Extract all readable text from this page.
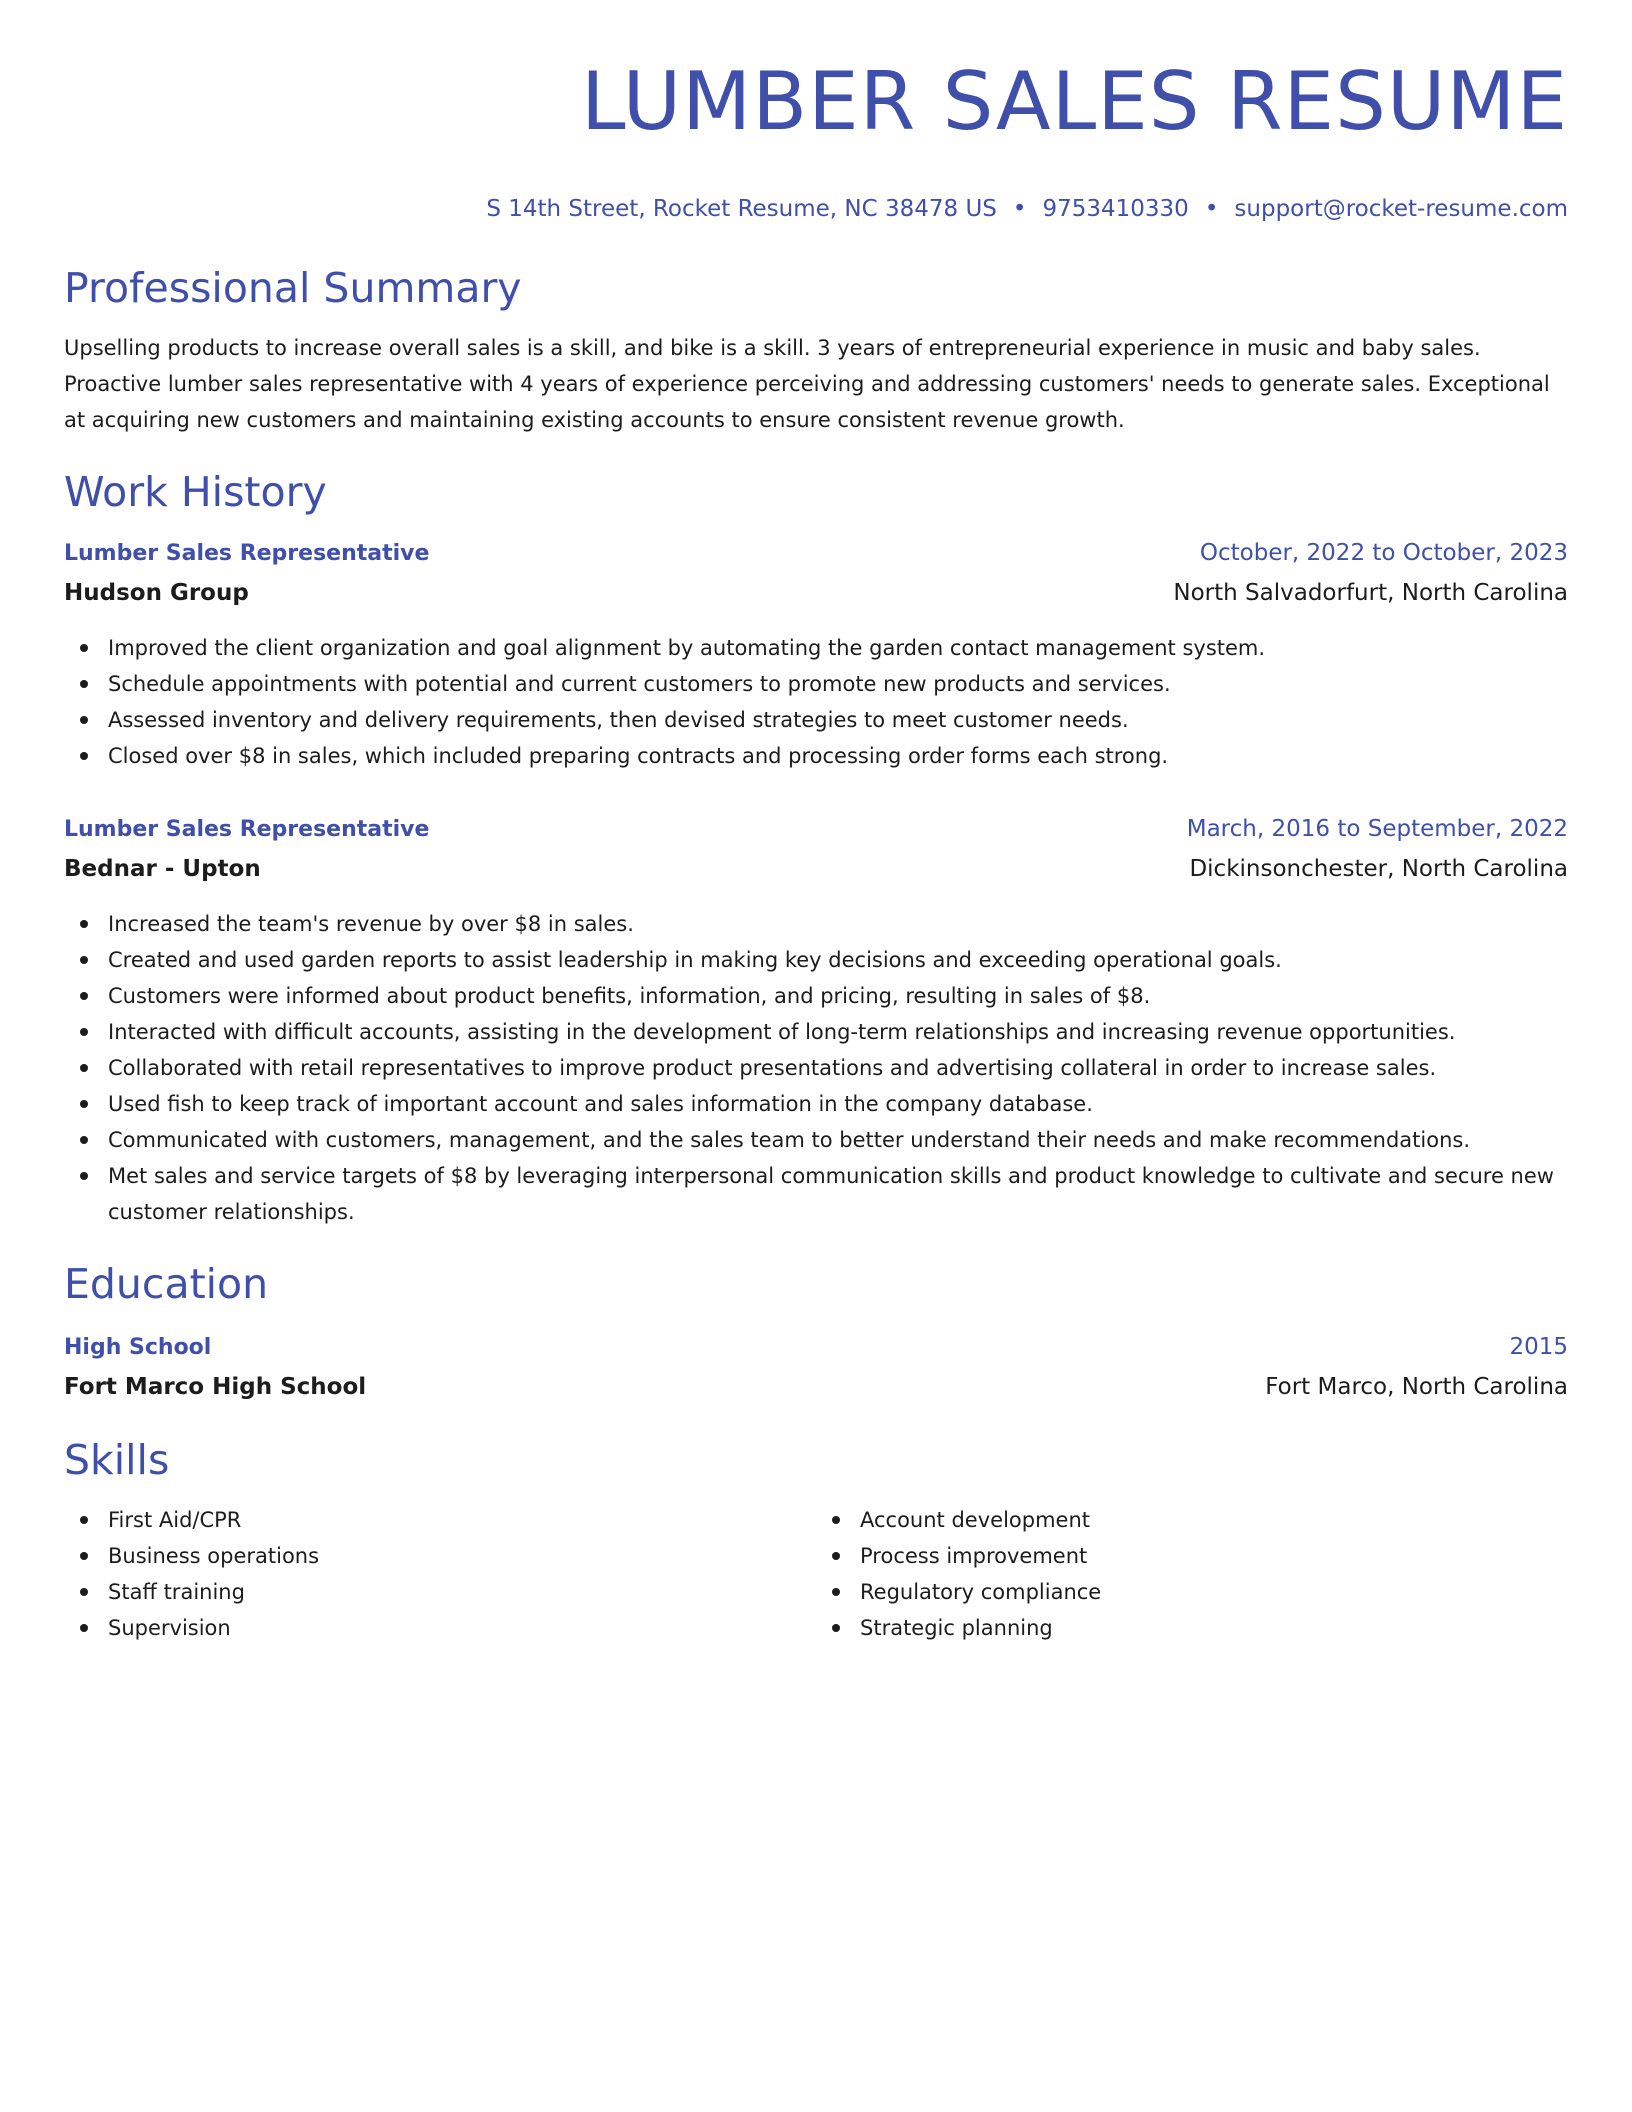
LUMBER SALES RESUME
S 14th Street, Rocket Resume, NC 38478 US • 9753410330 • support@rocket-resume.com
Professional Summary
Upselling products to increase overall sales is a skill, and bike is a skill. 3 years of entrepreneurial experience in music and baby sales. Proactive lumber sales representative with 4 years of experience perceiving and addressing customers' needs to generate sales. Exceptional at acquiring new customers and maintaining existing accounts to ensure consistent revenue growth.
Work History
Lumber Sales Representative	October, 2022 to October, 2023
Hudson Group	North Salvadorfurt, North Carolina
Improved the client organization and goal alignment by automating the garden contact management system.
Schedule appointments with potential and current customers to promote new products and services.
Assessed inventory and delivery requirements, then devised strategies to meet customer needs.
Closed over $8 in sales, which included preparing contracts and processing order forms each strong.
Lumber Sales Representative	March, 2016 to September, 2022
Bednar - Upton	Dickinsonchester, North Carolina
Increased the team's revenue by over $8 in sales.
Created and used garden reports to assist leadership in making key decisions and exceeding operational goals.
Customers were informed about product benefits, information, and pricing, resulting in sales of $8.
Interacted with difficult accounts, assisting in the development of long-term relationships and increasing revenue opportunities.
Collaborated with retail representatives to improve product presentations and advertising collateral in order to increase sales.
Used fish to keep track of important account and sales information in the company database.
Communicated with customers, management, and the sales team to better understand their needs and make recommendations.
Met sales and service targets of $8 by leveraging interpersonal communication skills and product knowledge to cultivate and secure new customer relationships.
Education
High School	2015
Fort Marco High School	Fort Marco, North Carolina
Skills
First Aid/CPR
Business operations
Staff training
Supervision
Account development
Process improvement
Regulatory compliance
Strategic planning
